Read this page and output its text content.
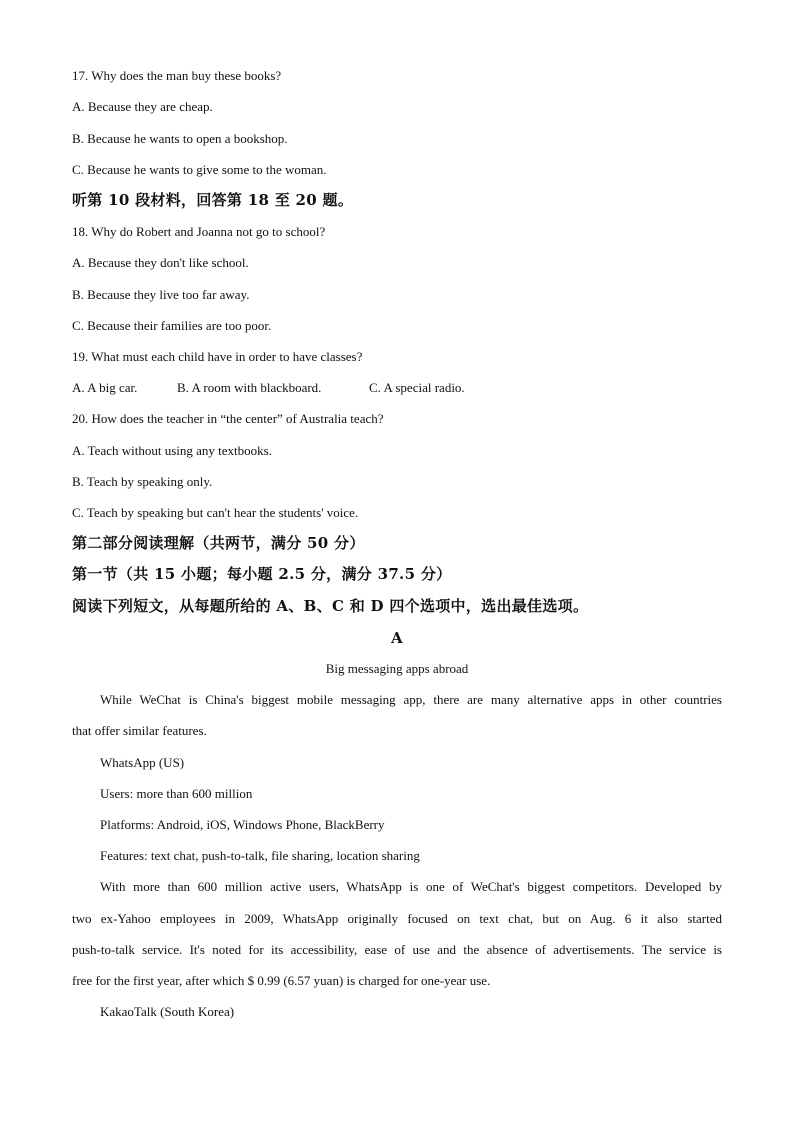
17. Why does the man buy these books?
A. Because they are cheap.
B. Because he wants to open a bookshop.
C. Because he wants to give some to the woman.
听第 10 段材料，回答第 18 至 20 题。
18. Why do Robert and Joanna not go to school?
A. Because they don't like school.
B. Because they live too far away.
C. Because their families are too poor.
19. What must each child have in order to have classes?
A. A big car.	B. A room with blackboard.	C. A special radio.
20. How does the teacher in “the center” of Australia teach?
A. Teach without using any textbooks.
B. Teach by speaking only.
C. Teach by speaking but can't hear the students' voice.
第二部分阅读理解（共两节，满分 50 分）
第一节（共 15 小题；每小题 2.5 分，满分 37.5 分）
阅读下列短文，从每题所给的 A、B、C 和 D 四个选项中，选出最佳选项。
A
Big messaging apps abroad
While WeChat is China's biggest mobile messaging app, there are many alternative apps in other countries
that offer similar features.
WhatsApp (US)
Users: more than 600 million
Platforms: Android, iOS, Windows Phone, BlackBerry
Features: text chat, push-to-talk, file sharing, location sharing
With more than 600 million active users, WhatsApp is one of WeChat's biggest competitors. Developed by
two ex-Yahoo employees in 2009, WhatsApp originally focused on text chat, but on Aug. 6 it also started
push-to-talk service. It's noted for its accessibility, ease of use and the absence of advertisements. The service is
free for the first year, after which $ 0.99 (6.57 yuan) is charged for one-year use.
KakaoTalk (South Korea)
